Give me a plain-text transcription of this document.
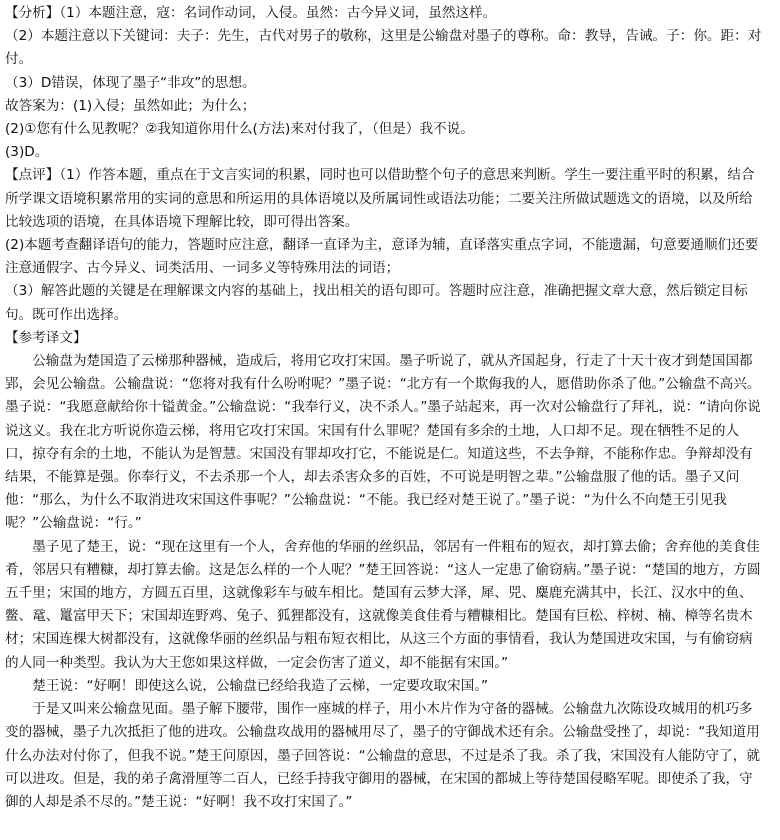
【分析】（1）本题注意，寇：名词作动词，入侵。虽然：古今异义词，虽然这样。

（2）本题注意以下关键词：夫子：先生，古代对男子的敬称，这里是公输盘对墨子的尊称。命：教导，告诫。子：你。距：对付。

（3）D错误，体现了墨子“非攻”的思想。

故答案为：(1)入侵；虽然如此；为什么；

(2)①您有什么见教呢？②我知道你用什么(方法)来对付我了，（但是）我不说。

(3)D。

【点评】（1）作答本题，重点在于文言实词的积累，同时也可以借助整个句子的意思来判断。学生一要注重平时的积累，结合所学课文语境积累常用的实词的意思和所运用的具体语境以及所属词性或语法功能；二要关注所做试题选文的语境，以及所给比较选项的语境，在具体语境下理解比较，即可得出答案。

(2)本题考查翻译语句的能力，答题时应注意，翻译一直译为主，意译为辅，直译落实重点字词，不能遗漏，句意要通顺们还要注意通假字、古今异义、词类活用、一词多义等特殊用法的词语；

（3）解答此题的关键是在理解课文内容的基础上，找出相关的语句即可。答题时应注意，准确把握文章大意，然后锁定目标句。既可作出选择。

【参考译文】

公输盘为楚国造了云梯那种器械，造成后，将用它攻打宋国。墨子听说了，就从齐国起身，行走了十天十夜才到楚国国都郢，会见公输盘。公输盘说：“您将对我有什么吩咐呢？”墨子说：“北方有一个欺侮我的人，愿借助你杀了他。”公输盘不高兴。墨子说：“我愿意献给你十镒黄金。”公输盘说：“我奉行义，决不杀人。”墨子站起来，再一次对公输盘行了拜礼，说：“请向你说说这义。我在北方听说你造云梯，将用它攻打宋国。宋国有什么罪呢？楚国有多余的土地，人口却不足。现在牺牲不足的人口，掠夺有余的土地，不能认为是智慧。宋国没有罪却攻打它，不能说是仁。知道这些，不去争辩，不能称作忠。争辩却没有结果，不能算是强。你奉行义，不去杀那一个人，却去杀害众多的百姓，不可说是明智之辈。”公输盘服了他的话。墨子又问他：“那么，为什么不取消进攻宋国这件事呢？”公输盘说：“不能。我已经对楚王说了。”墨子说：“为什么不向楚王引见我呢？”公输盘说：“行。”

墨子见了楚王，说：“现在这里有一个人，舍弃他的华丽的丝织品，邻居有一件粗布的短衣，却打算去偷；舍弃他的美食佳肴，邻居只有糟糠，却打算去偷。这是怎么样的一个人呢？”楚王回答说：“这人一定患了偷窃病。”墨子说：“楚国的地方，方圆五千里；宋国的地方，方圆五百里，这就像彩车与破车相比。楚国有云梦大泽，犀、兕、麋鹿充满其中，长江、汉水中的鱼、鳖、鼋、鼍富甲天下；宋国却连野鸡、兔子、狐狸都没有，这就像美食佳肴与糟糠相比。楚国有巨松、梓树、楠、樟等名贵木材；宋国连棵大树都没有，这就像华丽的丝织品与粗布短衣相比，从这三个方面的事情看，我认为楚国进攻宋国，与有偷窃病的人同一种类型。我认为大王您如果这样做，一定会伤害了道义，却不能据有宋国。”

楚王说：“好啊！即使这么说，公输盘已经给我造了云梯，一定要攻取宋国。”

于是又叫来公输盘见面。墨子解下腰带，围作一座城的样子，用小木片作为守备的器械。公输盘九次陈设攻城用的机巧多变的器械，墨子九次抵拒了他的进攻。公输盘攻战用的器械用尽了，墨子的守御战术还有余。公输盘受挫了，却说：“我知道用什么办法对付你了，但我不说。”楚王问原因，墨子回答说：“公输盘的意思，不过是杀了我。杀了我，宋国没有人能防守了，就可以进攻。但是，我的弟子禽滑厘等二百人，已经手持我守御用的器械，在宋国的都城上等待楚国侵略军呢。即使杀了我，守御的人却是杀不尽的。”楚王说：“好啊！我不攻打宋国了。”
